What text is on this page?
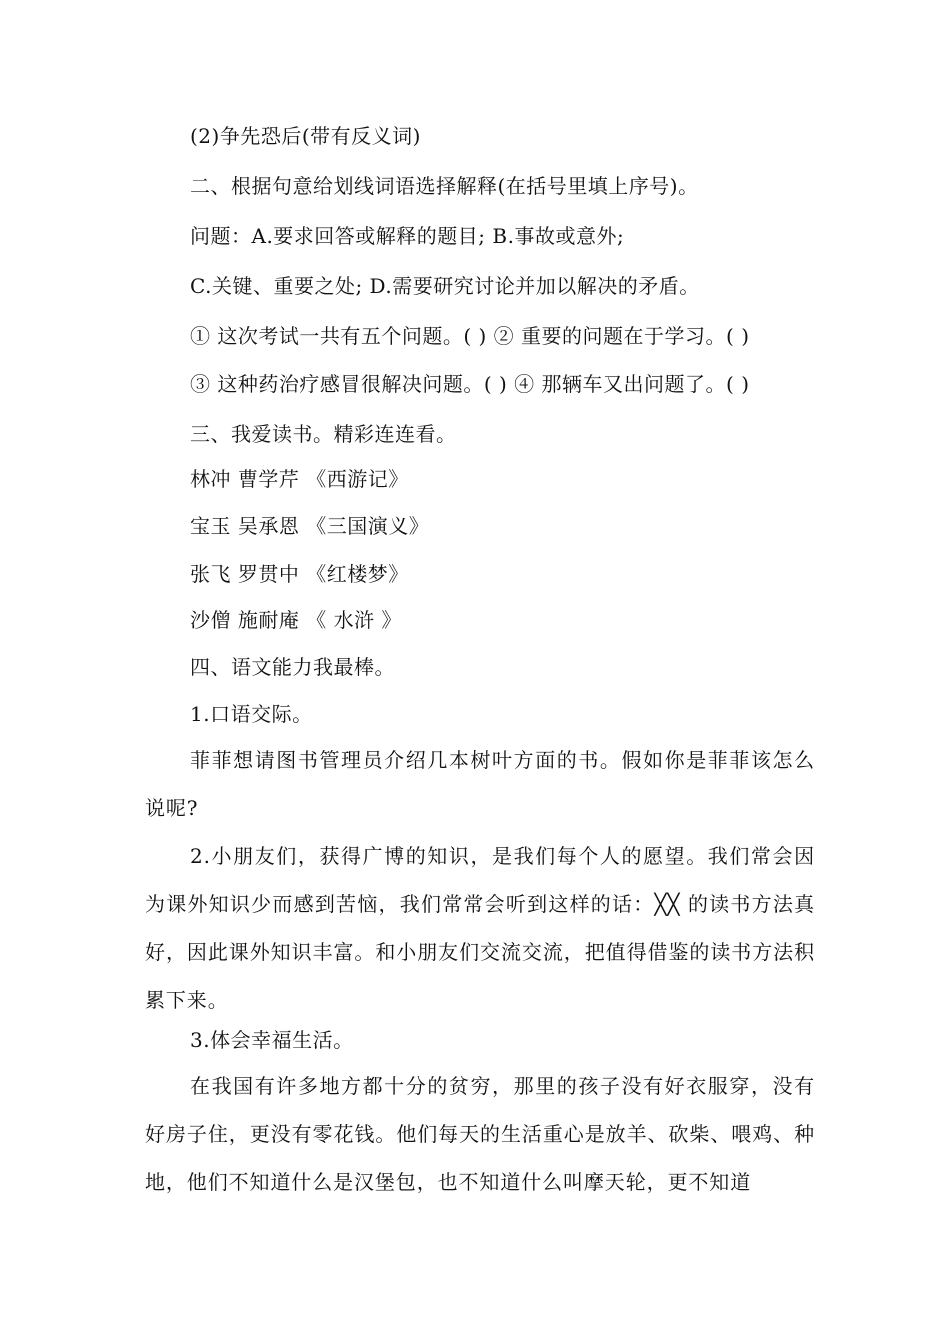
(2)争先恐后(带有反义词)
二、根据句意给划线词语选择解释(在括号里填上序号)。
问题：A.要求回答或解释的题目; B.事故或意外;
C.关键、重要之处; D.需要研究讨论并加以解决的矛盾。
① 这次考试一共有五个问题。( ) ② 重要的问题在于学习。( )
③ 这种药治疗感冒很解决问题。( ) ④ 那辆车又出问题了。( )
三、我爱读书。精彩连连看。
林冲 曹学芹 《西游记》
宝玉 吴承恩 《三国演义》
张飞 罗贯中 《红楼梦》
沙僧 施耐庵 《 水浒 》
四、语文能力我最棒。
1.口语交际。
菲菲想请图书管理员介绍几本树叶方面的书。假如你是菲菲该怎么说呢?
2.小朋友们，获得广博的知识，是我们每个人的愿望。我们常会因为课外知识少而感到苦恼，我们常常会听到这样的话：╳╳ 的读书方法真好，因此课外知识丰富。和小朋友们交流交流，把值得借鉴的读书方法积累下来。
3.体会幸福生活。
在我国有许多地方都十分的贫穷，那里的孩子没有好衣服穿，没有好房子住，更没有零花钱。他们每天的生活重心是放羊、砍柴、喂鸡、种地，他们不知道什么是汉堡包，也不知道什么叫摩天轮，更不知道
